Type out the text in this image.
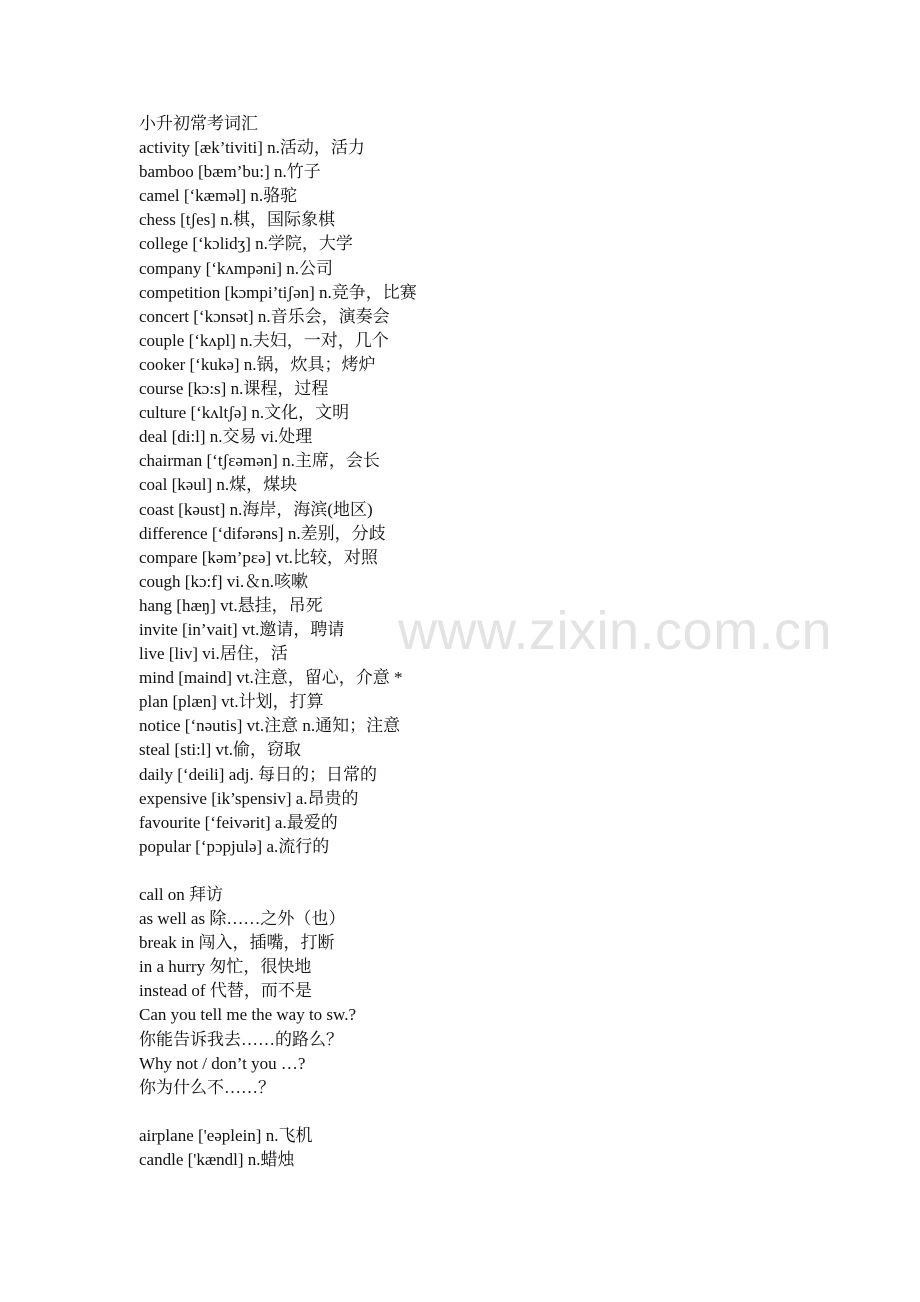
www.zixin.com.cn
小升初常考词汇
activity [æk’tiviti] n.活动，活力
bamboo [bæm’bu:] n.竹子
camel [‘kæməl] n.骆驼
chess [tʃes] n.棋，国际象棋
college [‘kɔlidʒ] n.学院，大学
company [‘kʌmpəni] n.公司
competition [kɔmpi’tiʃən] n.竞争，比赛
concert [‘kɔnsət] n.音乐会，演奏会
couple [‘kʌpl] n.夫妇，一对，几个
cooker [‘kukə] n.锅，炊具；烤炉
course [kɔ:s] n.课程，过程
culture [‘kʌltʃə] n.文化，文明
deal [di:l] n.交易 vi.处理
chairman [‘tʃɛəmən] n.主席，会长
coal [kəul] n.煤，煤块
coast [kəust] n.海岸，海滨(地区)
difference [‘difərəns] n.差别，分歧
compare [kəm’pɛə] vt.比较，对照
cough [kɔ:f] vi.＆n.咳嗽
hang [hæŋ] vt.悬挂，吊死
invite [in’vait] vt.邀请，聘请
live [liv] vi.居住，活
mind [maind] vt.注意，留心，介意 *
plan [plæn] vt.计划，打算
notice [‘nəutis] vt.注意 n.通知；注意
steal [sti:l] vt.偷，窃取
daily [‘deili] adj. 每日的；日常的
expensive [ik’spensiv] a.昂贵的
favourite [‘feivərit] a.最爱的
popular [‘pɔpjulə] a.流行的
call on 拜访
as well as 除……之外（也）
break in 闯入，插嘴，打断
in a hurry 匆忙，很快地
instead of 代替，而不是
Can you tell me the way to sw.?
你能告诉我去……的路么？
Why not / don’t you …?
你为什么不……？
airplane ['eəplein] n.飞机
candle ['kændl] n.蜡烛
